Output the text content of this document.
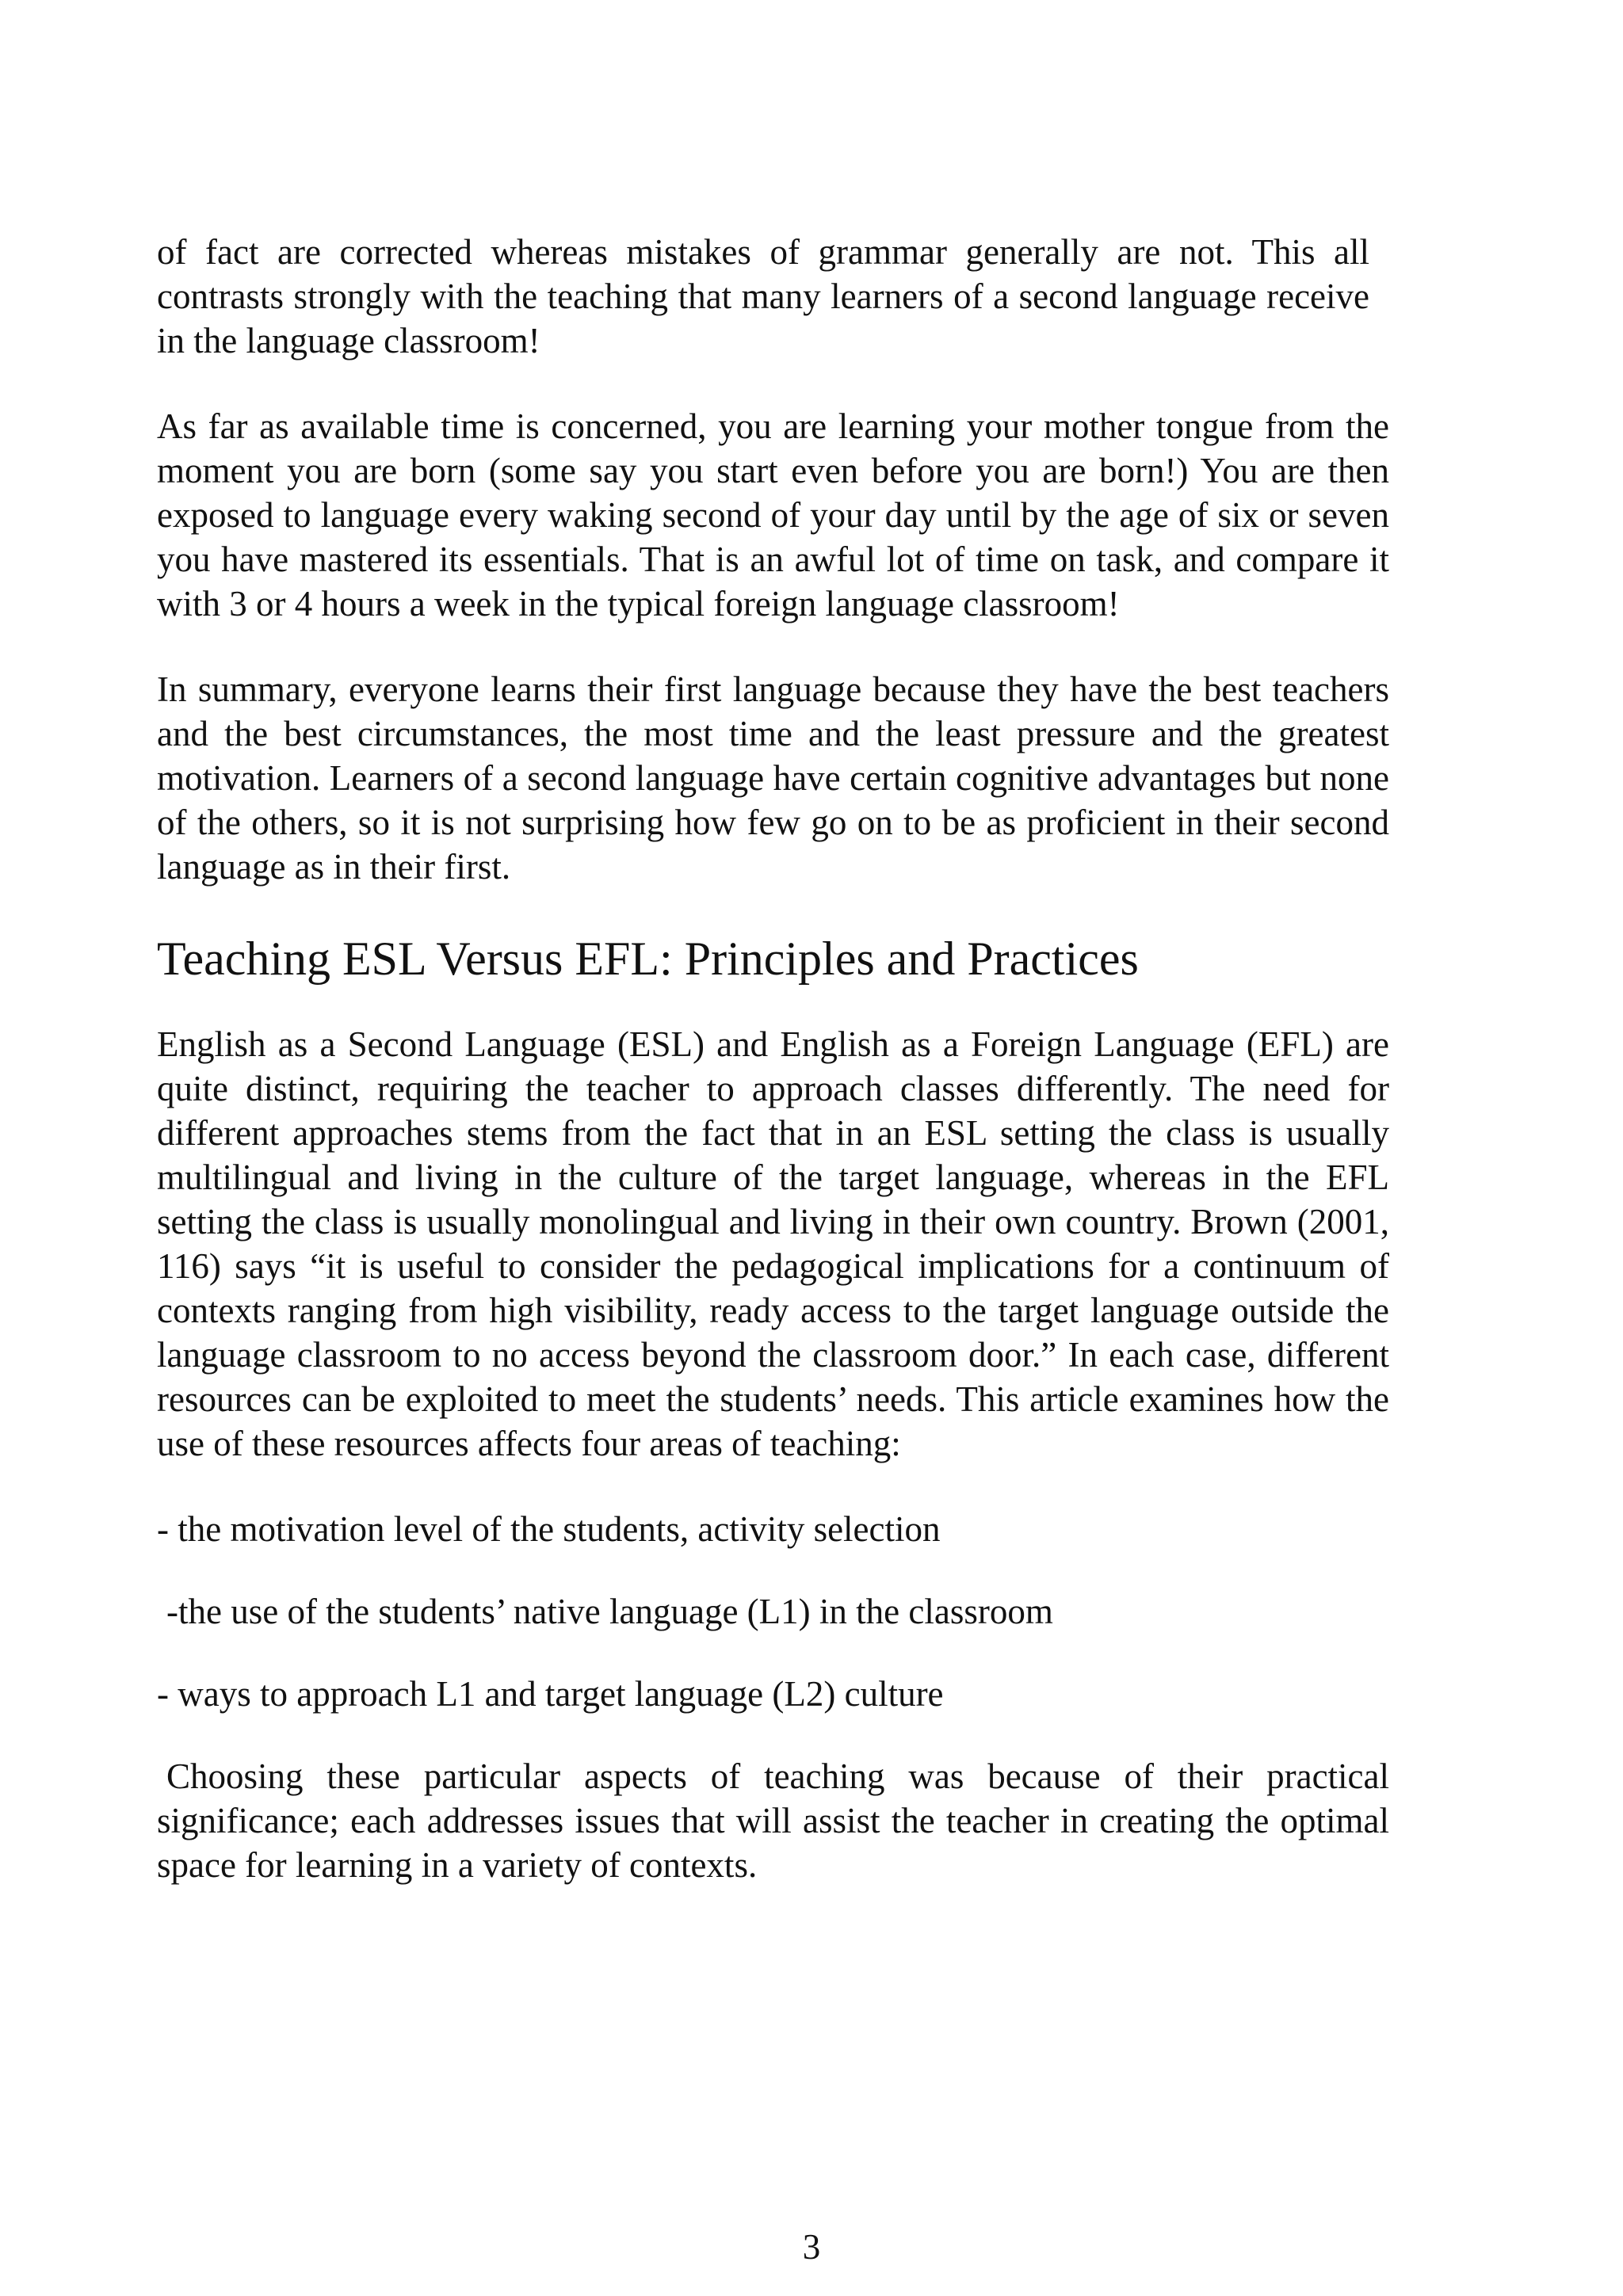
of fact are corrected whereas mistakes of grammar generally are not. This all contrasts strongly with the teaching that many learners of a second language receive in the language classroom!

As far as available time is concerned, you are learning your mother tongue from the moment you are born (some say you start even before you are born!) You are then exposed to language every waking second of your day until by the age of six or seven you have mastered its essentials. That is an awful lot of time on task, and compare it with 3 or 4 hours a week in the typical foreign language classroom!

In summary, everyone learns their first language because they have the best teachers and the best circumstances, the most time and the least pressure and the greatest motivation. Learners of a second language have certain cognitive advantages but none of the others, so it is not surprising how few go on to be as proficient in their second language as in their first.

Teaching ESL Versus EFL: Principles and Practices

English as a Second Language (ESL) and English as a Foreign Language (EFL) are quite distinct, requiring the teacher to approach classes differently. The need for different approaches stems from the fact that in an ESL setting the class is usually multilingual and living in the culture of the target language, whereas in the EFL setting the class is usually monolingual and living in their own country. Brown (2001, 116) says “it is useful to consider the pedagogical implications for a continuum of contexts ranging from high visibility, ready access to the target language outside the language classroom to no access beyond the classroom door.” In each case, different resources can be exploited to meet the students’ needs. This article examines how the use of these resources affects four areas of teaching:

- the motivation level of the students, activity selection
-the use of the students’ native language (L1) in the classroom
- ways to approach L1 and target language (L2) culture

Choosing these particular aspects of teaching was because of their practical significance; each addresses issues that will assist the teacher in creating the optimal space for learning in a variety of contexts.

3
